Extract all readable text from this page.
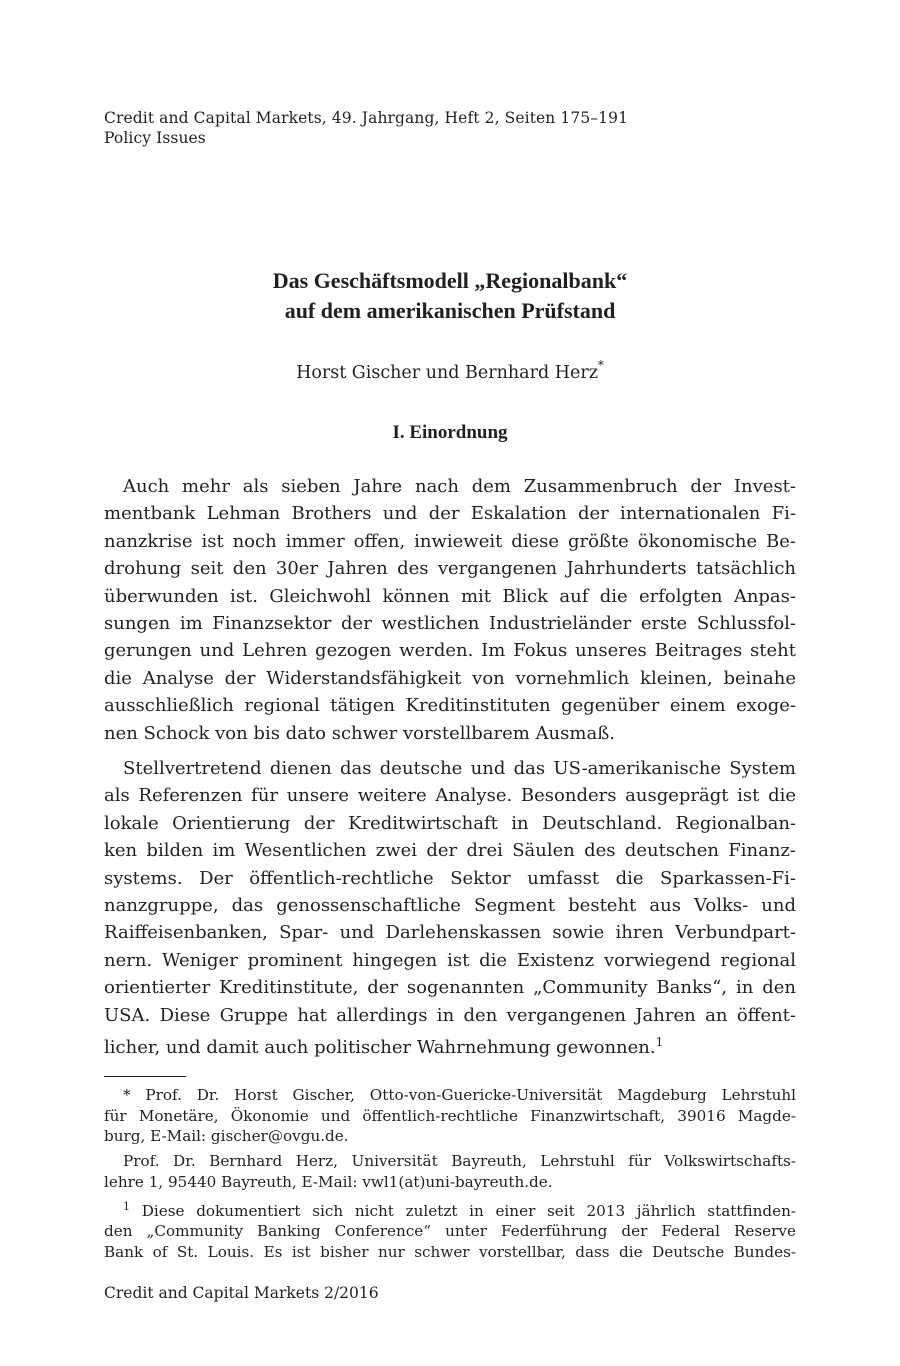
Credit and Capital Markets, 49. Jahrgang, Heft 2, Seiten 175–191
Policy Issues
Das Geschäftsmodell „Regionalbank“
auf dem amerikanischen Prüfstand
Horst Gischer und Bernhard Herz*
I. Einordnung
Auch mehr als sieben Jahre nach dem Zusammenbruch der Invest-
mentbank Lehman Brothers und der Eskalation der internationalen Fi-
nanzkrise ist noch immer offen, inwieweit diese größte ökonomische Be-
drohung seit den 30er Jahren des vergangenen Jahrhunderts tatsächlich
überwunden ist. Gleichwohl können mit Blick auf die erfolgten Anpas-
sungen im Finanzsektor der westlichen Industrieländer erste Schlussfol-
gerungen und Lehren gezogen werden. Im Fokus unseres Beitrages steht
die Analyse der Widerstandsfähigkeit von vornehmlich kleinen, beinahe
ausschließlich regional tätigen Kreditinstituten gegenüber einem exoge-
nen Schock von bis dato schwer vorstellbarem Ausmaß.
Stellvertretend dienen das deutsche und das US-amerikanische System
als Referenzen für unsere weitere Analyse. Besonders ausgeprägt ist die
lokale Orientierung der Kreditwirtschaft in Deutschland. Regionalban-
ken bilden im Wesentlichen zwei der drei Säulen des deutschen Finanz-
systems. Der öffentlich-rechtliche Sektor umfasst die Sparkassen-Fi-
nanzgruppe, das genossenschaftliche Segment besteht aus Volks- und
Raiffeisenbanken, Spar- und Darlehenskassen sowie ihren Verbundpart-
nern. Weniger prominent hingegen ist die Existenz vorwiegend regional
orientierter Kreditinstitute, der sogenannten „Community Banks“, in den
USA. Diese Gruppe hat allerdings in den vergangenen Jahren an öffent-
licher, und damit auch politischer Wahrnehmung gewonnen.$^1$
* Prof. Dr. Horst Gischer, Otto-von-Guericke-Universität Magdeburg Lehrstuhl
für Monetäre, Ökonomie und öffentlich-rechtliche Finanzwirtschaft, 39016 Magde-
burg, E-Mail: gischer@ovgu.de.
Prof. Dr. Bernhard Herz, Universität Bayreuth, Lehrstuhl für Volkswirtschafts-
lehre 1, 95440 Bayreuth, E-Mail: vwl1(at)uni-bayreuth.de.
$^1$ Diese dokumentiert sich nicht zuletzt in einer seit 2013 jährlich stattfinden-
den „Community Banking Conference“ unter Federführung der Federal Reserve
Bank of St. Louis. Es ist bisher nur schwer vorstellbar, dass die Deutsche Bundes-
Credit and Capital Markets 2/2016
